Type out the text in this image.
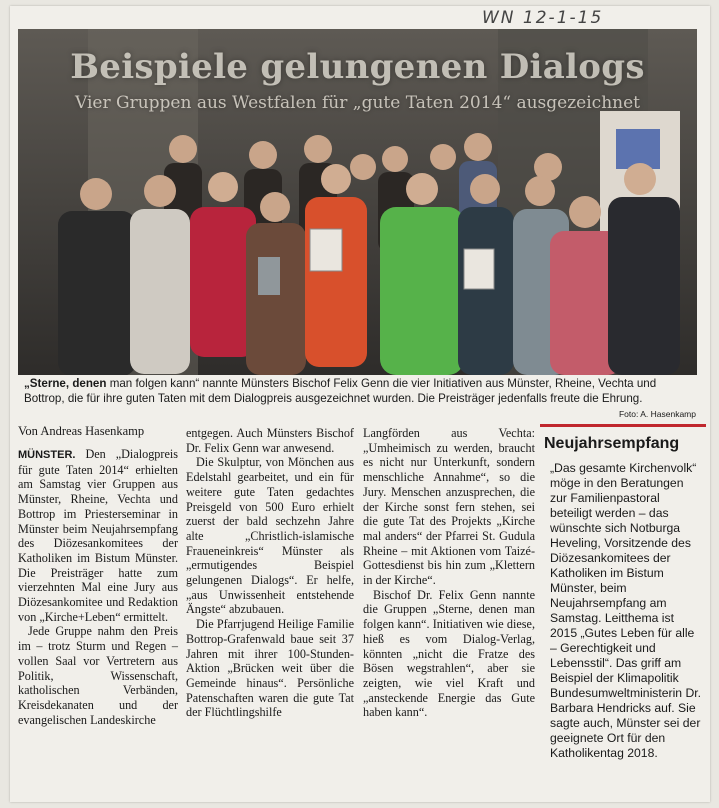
WN 12-1-15
Beispiele gelungenen Dialogs
Vier Gruppen aus Westfalen für „gute Taten 2014“ ausgezeichnet
„Sterne, denen man folgen kann“ nannte Münsters Bischof Felix Genn die vier Initiativen aus Münster, Rheine, Vechta und Bottrop, die für ihre guten Taten mit dem Dialogpreis ausgezeichnet wurden. Die Preisträger jedenfalls freute die Ehrung.
Foto: A. Hasenkamp
Von Andreas Hasenkamp

MÜNSTER. Den „Dialogpreis für gute Taten 2014“ erhielten am Samstag vier Gruppen aus Münster, Rheine, Vechta und Bottrop im Priesterseminar in Münster beim Neujahrsempfang des Diözesankomitees der Katholiken im Bistum Münster. Die Preisträger hatte zum vierzehnten Mal eine Jury aus Diözesankomitee und Redaktion von „Kirche+Leben“ ermittelt.

Jede Gruppe nahm den Preis im – trotz Sturm und Regen – vollen Saal vor Vertretern aus Politik, Wissenschaft, katholischen Verbänden, Kreisdekanaten und der evangelischen Landeskirche

entgegen. Auch Münsters Bischof Dr. Felix Genn war anwesend.

Die Skulptur, von Mönchen aus Edelstahl gearbeitet, und ein für weitere gute Taten gedachtes Preisgeld von 500 Euro erhielt zuerst der bald sechzehn Jahre alte „Christlich-islamische Fraueneinkreis“ Münster als „ermutigendes Beispiel gelungenen Dialogs“. Er helfe, „aus Unwissenheit entstehende Ängste“ abzubauen.

Die Pfarrjugend Heilige Familie Bottrop-Grafenwald baue seit 37 Jahren mit ihrer 100-Stunden-Aktion „Brücken weit über die Gemeinde hinaus“. Persönliche Patenschaften waren die gute Tat der Flüchtlingshilfe

Langförden aus Vechta: „Umheimisch zu werden, braucht es nicht nur Unterkunft, sondern menschliche Annahme“, so die Jury. Menschen anzusprechen, die der Kirche sonst fern stehen, sei die gute Tat des Projekts „Kirche mal anders“ der Pfarrei St. Gudula Rheine – mit Aktionen vom Taizé-Gottesdienst bis hin zum „Klettern in der Kirche“.

Bischof Dr. Felix Genn nannte die Gruppen „Sterne, denen man folgen kann“. Initiativen wie diese, hieß es vom Dialog-Verlag, könnten „nicht die Fratze des Bösen wegstrahlen“, aber sie zeigten, wie viel Kraft und „ansteckende Energie das Gute haben kann“.

Neujahrsempfang
„Das gesamte Kirchenvolk“ möge in den Beratungen zur Familienpastoral beteiligt werden – das wünschte sich Notburga Heveling, Vorsitzende des Diözesankomitees der Katholiken im Bistum Münster, beim Neujahrsempfang am Samstag. Leitthema ist 2015 „Gutes Leben für alle – Gerechtigkeit und Lebensstil“. Das griff am Beispiel der Klimapolitik Bundesumweltministerin Dr. Barbara Hendricks auf. Sie sagte auch, Münster sei der geeignete Ort für den Katholikentag 2018.
